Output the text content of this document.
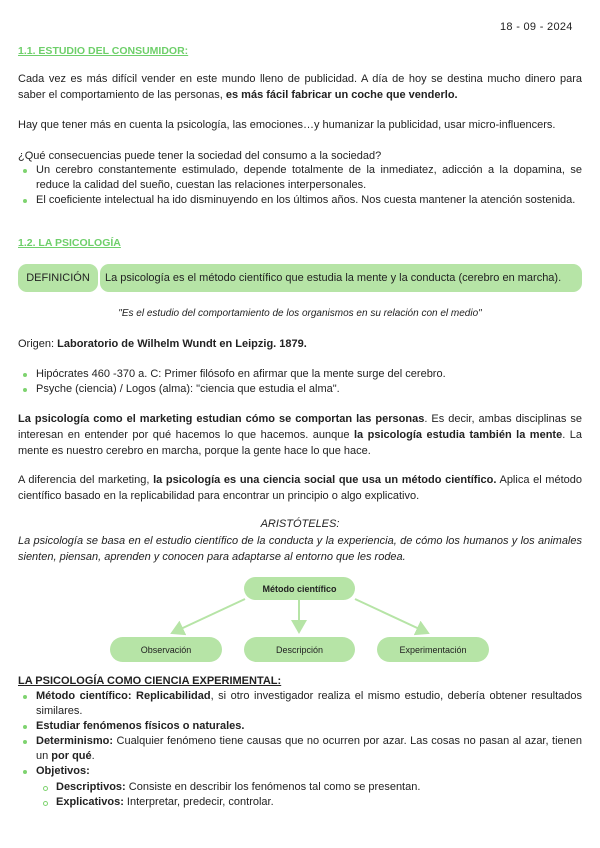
18 - 09 - 2024
1.1. ESTUDIO DEL CONSUMIDOR:

Cada vez es más difícil vender en este mundo lleno de publicidad. A día de hoy se destina mucho dinero para saber el comportamiento de las personas, es más fácil fabricar un coche que venderlo.

Hay que tener más en cuenta la psicología, las emociones…y humanizar la publicidad, usar micro-influencers.

¿Qué consecuencias puede tener la sociedad del consumo a la sociedad?

Un cerebro constantemente estimulado, depende totalmente de la inmediatez, adicción a la dopamina, se reduce la calidad del sueño, cuestan las relaciones interpersonales.
El coeficiente intelectual ha ido disminuyendo en los últimos años. Nos cuesta mantener la atención sostenida.
1.2. LA PSICOLOGÍA
DEFINICIÓN	La psicología es el método científico que estudia la mente y la conducta (cerebro en marcha).
"Es el estudio del comportamiento de los organismos en su relación con el medio"

Origen: Laboratorio de Wilhelm Wundt en Leipzig. 1879.

Hipócrates 460 -370 a. C: Primer filósofo en afirmar que la mente surge del cerebro.
Psyche (ciencia) / Logos (alma): "ciencia que estudia el alma".

La psicología como el marketing estudian cómo se comportan las personas. Es decir, ambas disciplinas se interesan en entender por qué hacemos lo que hacemos. aunque la psicología estudia también la mente. La mente es nuestro cerebro en marcha, porque la gente hace lo que hace.

A diferencia del marketing, la psicología es una ciencia social que usa un método científico. Aplica el método científico basado en la replicabilidad para encontrar un principio o algo explicativo.

ARISTÓTELES:

La psicología se basa en el estudio científico de la conducta y la experiencia, de cómo los humanos y los animales sienten, piensan, aprenden y conocen para adaptarse al entorno que les rodea.

Método científico
Observación	Descripción	Experimentación
LA PSICOLOGÍA COMO CIENCIA EXPERIMENTAL:
Método científico: Replicabilidad, si otro investigador realiza el mismo estudio, debería obtener resultados similares.
Estudiar fenómenos físicos o naturales.
Determinismo: Cualquier fenómeno tiene causas que no ocurren por azar. Las cosas no pasan al azar, tienen un por qué.
Objetivos:
Descriptivos: Consiste en describir los fenómenos tal como se presentan.
Explicativos: Interpretar, predecir, controlar.
